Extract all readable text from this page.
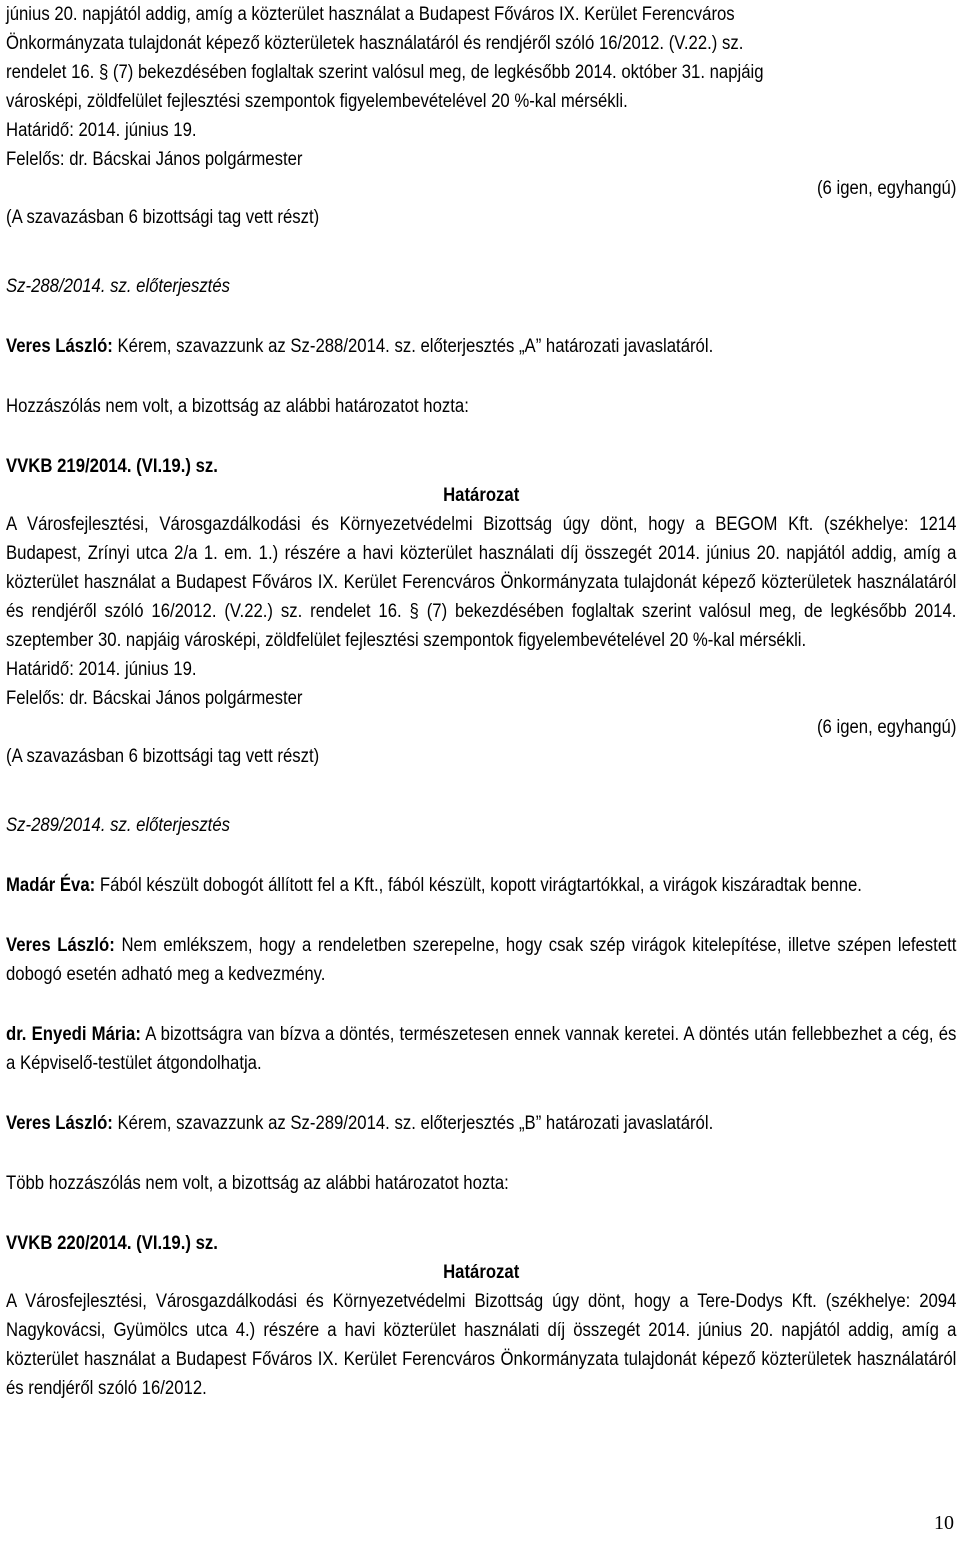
június 20. napjától addig, amíg a közterület használat a Budapest Főváros IX. Kerület Ferencváros

Önkormányzata tulajdonát képező közterületek használatáról és rendjéről szóló 16/2012. (V.22.) sz.

rendelet 16. § (7) bekezdésében foglaltak szerint valósul meg, de legkésőbb 2014. október 31. napjáig

városképi, zöldfelület fejlesztési szempontok figyelembevételével 20 %-kal mérsékli.

Határidő: 2014. június 19.

Felelős: dr. Bácskai János polgármester

(6 igen, egyhangú)
(A szavazásban 6 bizottsági tag vett részt)

Sz-288/2014. sz. előterjesztés

Veres László: Kérem, szavazzunk az Sz-288/2014. sz. előterjesztés „A” határozati javaslatáról.

Hozzászólás nem volt, a bizottság az alábbi határozatot hozta:

VVKB 219/2014. (VI.19.) sz.

Határozat

A Városfejlesztési, Városgazdálkodási és Környezetvédelmi Bizottság úgy dönt, hogy a BEGOM Kft. (székhelye: 1214 Budapest, Zrínyi utca 2/a 1. em. 1.) részére a havi közterület használati díj összegét 2014. június 20. napjától addig, amíg a közterület használat a Budapest Főváros IX. Kerület Ferencváros Önkormányzata tulajdonát képező közterületek használatáról és rendjéről szóló 16/2012. (V.22.) sz. rendelet 16. § (7) bekezdésében foglaltak szerint valósul meg, de legkésőbb 2014. szeptember 30. napjáig városképi, zöldfelület fejlesztési szempontok figyelembevételével 20 %-kal mérsékli.

Határidő: 2014. június 19.

Felelős: dr. Bácskai János polgármester

(6 igen, egyhangú)
(A szavazásban 6 bizottsági tag vett részt)

Sz-289/2014. sz. előterjesztés

Madár Éva: Fából készült dobogót állított fel a Kft., fából készült, kopott virágtartókkal, a virágok kiszáradtak benne.

Veres László: Nem emlékszem, hogy a rendeletben szerepelne, hogy csak szép virágok kitelepítése, illetve szépen lefestett dobogó esetén adható meg a kedvezmény.

dr. Enyedi Mária: A bizottságra van bízva a döntés, természetesen ennek vannak keretei. A döntés után fellebbezhet a cég, és a Képviselő-testület átgondolhatja.

Veres László: Kérem, szavazzunk az Sz-289/2014. sz. előterjesztés „B” határozati javaslatáról.

Több hozzászólás nem volt, a bizottság az alábbi határozatot hozta:

VVKB 220/2014. (VI.19.) sz.

Határozat

A Városfejlesztési, Városgazdálkodási és Környezetvédelmi Bizottság úgy dönt, hogy a Tere-Dodys Kft. (székhelye: 2094 Nagykovácsi, Gyümölcs utca 4.) részére a havi közterület használati díj összegét 2014. június 20. napjától addig, amíg a közterület használat a Budapest Főváros IX. Kerület Ferencváros Önkormányzata tulajdonát képező közterületek használatáról és rendjéről szóló 16/2012.

10
